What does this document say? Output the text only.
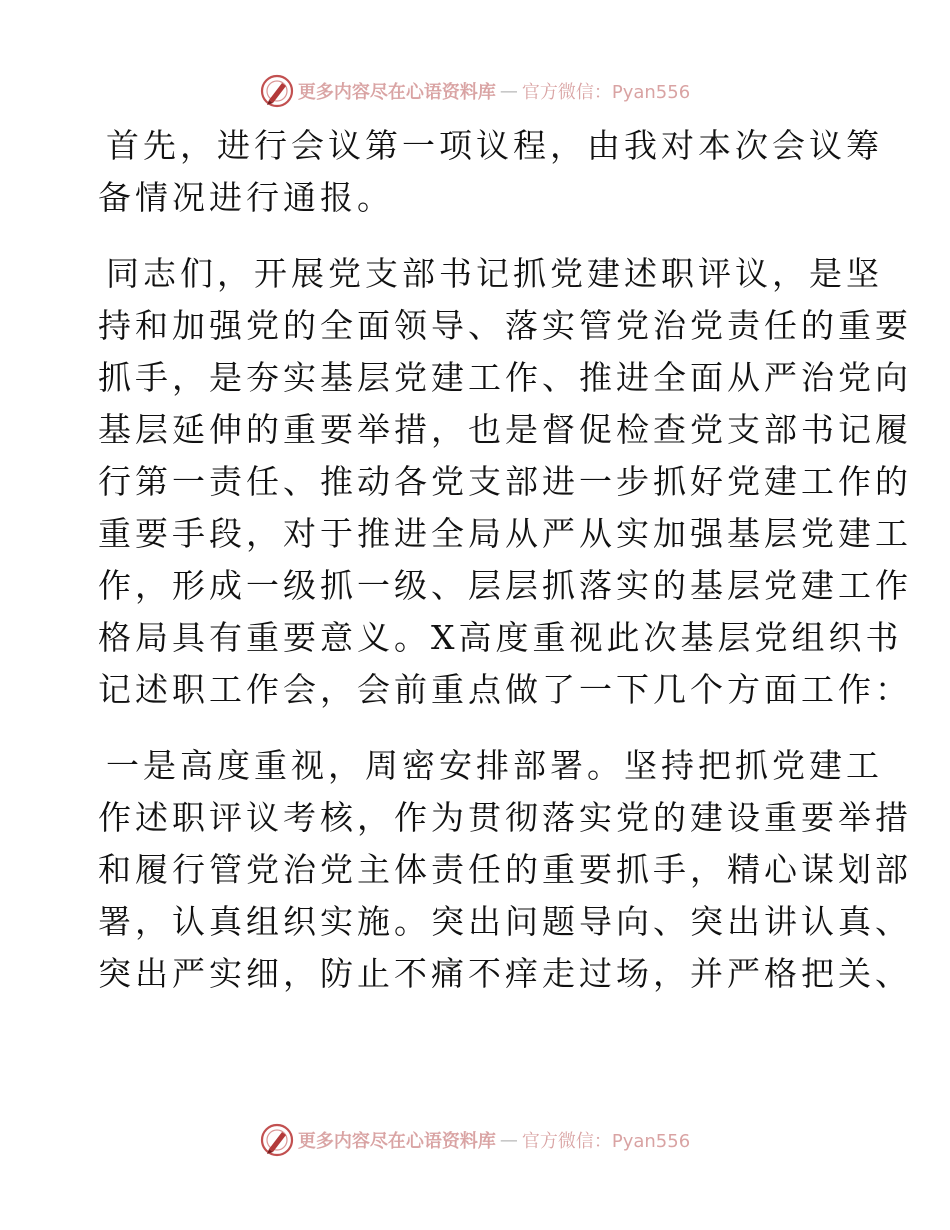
更多内容尽在心语资料库 — 官方微信：Pyan556
首先，进行会议第一项议程，由我对本次会议筹
备情况进行通报。
同志们，开展党支部书记抓党建述职评议，是坚
持和加强党的全面领导、落实管党治党责任的重要
抓手，是夯实基层党建工作、推进全面从严治党向
基层延伸的重要举措，也是督促检查党支部书记履
行第一责任、推动各党支部进一步抓好党建工作的
重要手段，对于推进全局从严从实加强基层党建工
作，形成一级抓一级、层层抓落实的基层党建工作
格局具有重要意义。X高度重视此次基层党组织书
记述职工作会，会前重点做了一下几个方面工作：
一是高度重视，周密安排部署。坚持把抓党建工
作述职评议考核，作为贯彻落实党的建设重要举措
和履行管党治党主体责任的重要抓手，精心谋划部
署，认真组织实施。突出问题导向、突出讲认真、
突出严实细，防止不痛不痒走过场，并严格把关、
更多内容尽在心语资料库 — 官方微信：Pyan556
